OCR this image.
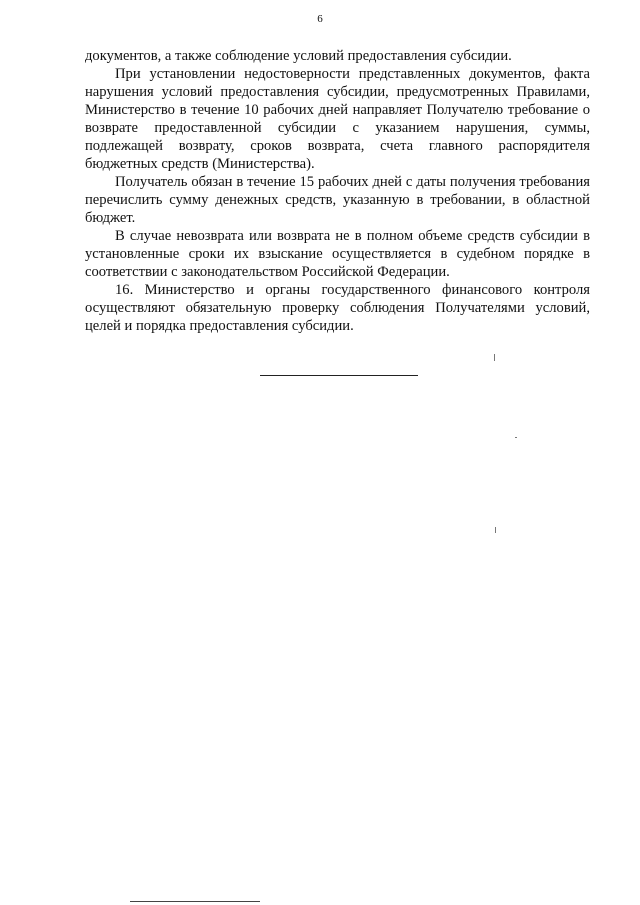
6

документов, а также соблюдение условий предоставления субсидии.

При установлении недостоверности представленных документов, факта нарушения условий предоставления субсидии, предусмотренных Правилами, Министерство в течение 10 рабочих дней направляет Получателю требование о возврате предоставленной субсидии с указанием нарушения, суммы, подлежащей возврату, сроков возврата, счета главного распорядителя бюджетных средств (Министерства).

Получатель обязан в течение 15 рабочих дней с даты получения требования перечислить сумму денежных средств, указанную в требовании, в областной бюджет.

В случае невозврата или возврата не в полном объеме средств субсидии в установленные сроки их взыскание осуществляется в судебном порядке в соответствии с законодательством Российской Федерации.

16. Министерство и органы государственного финансового контроля осуществляют обязательную проверку соблюдения Получателями условий, целей и порядка предоставления субсидии.
